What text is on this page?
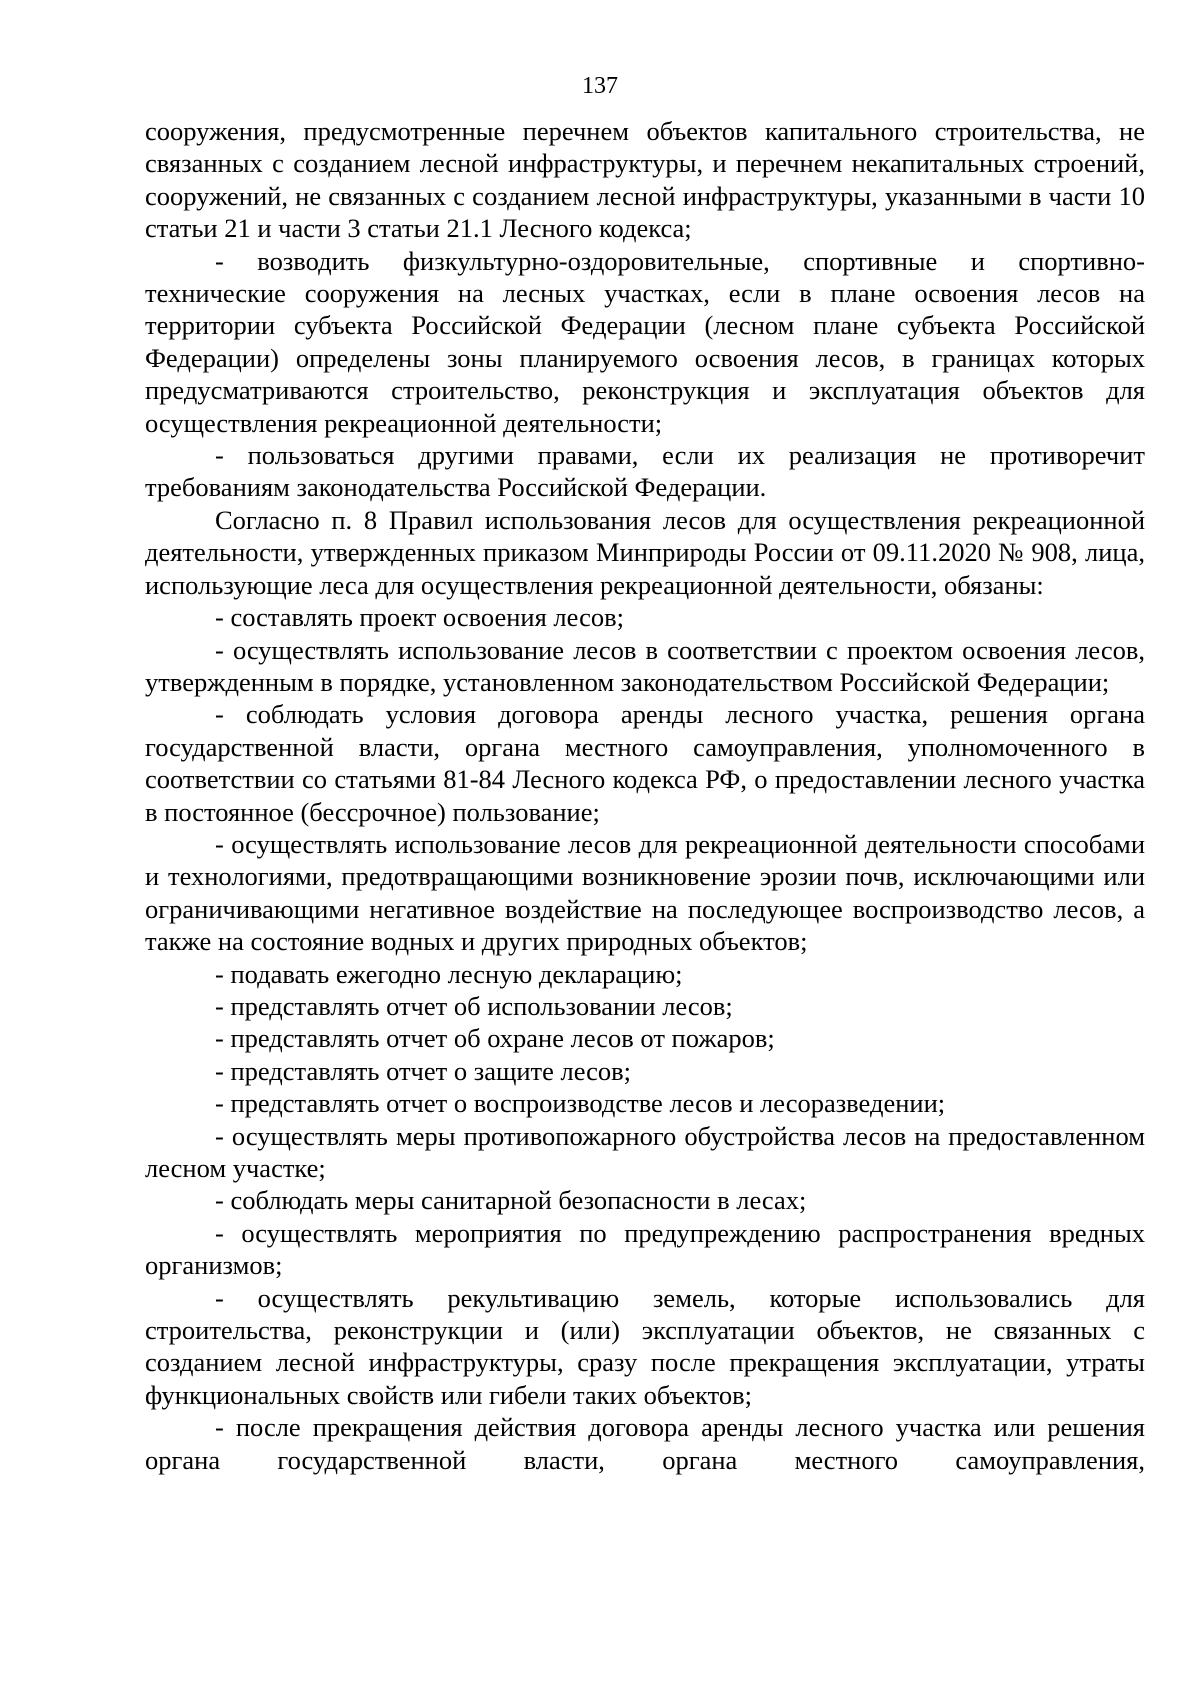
137

сооружения, предусмотренные перечнем объектов капитального строительства, не связанных с созданием лесной инфраструктуры, и перечнем некапитальных строений, сооружений, не связанных с созданием лесной инфраструктуры, указанными в части 10 статьи 21 и части 3 статьи 21.1 Лесного кодекса;

- возводить физкультурно-оздоровительные, спортивные и спортивно-технические сооружения на лесных участках, если в плане освоения лесов на территории субъекта Российской Федерации (лесном плане субъекта Российской Федерации) определены зоны планируемого освоения лесов, в границах которых предусматриваются строительство, реконструкция и эксплуатация объектов для осуществления рекреационной деятельности;

- пользоваться другими правами, если их реализация не противоречит требованиям законодательства Российской Федерации.

Согласно п. 8 Правил использования лесов для осуществления рекреационной деятельности, утвержденных приказом Минприроды России от 09.11.2020 № 908, лица, использующие леса для осуществления рекреационной деятельности, обязаны:

- составлять проект освоения лесов;

- осуществлять использование лесов в соответствии с проектом освоения лесов, утвержденным в порядке, установленном законодательством Российской Федерации;

- соблюдать условия договора аренды лесного участка, решения органа государственной власти, органа местного самоуправления, уполномоченного в соответствии со статьями 81-84 Лесного кодекса РФ, о предоставлении лесного участка в постоянное (бессрочное) пользование;

- осуществлять использование лесов для рекреационной деятельности способами и технологиями, предотвращающими возникновение эрозии почв, исключающими или ограничивающими негативное воздействие на последующее воспроизводство лесов, а также на состояние водных и других природных объектов;

- подавать ежегодно лесную декларацию;

- представлять отчет об использовании лесов;

- представлять отчет об охране лесов от пожаров;

- представлять отчет о защите лесов;

- представлять отчет о воспроизводстве лесов и лесоразведении;

- осуществлять меры противопожарного обустройства лесов на предоставленном лесном участке;

- соблюдать меры санитарной безопасности в лесах;

- осуществлять мероприятия по предупреждению распространения вредных организмов;

- осуществлять рекультивацию земель, которые использовались для строительства, реконструкции и (или) эксплуатации объектов, не связанных с созданием лесной инфраструктуры, сразу после прекращения эксплуатации, утраты функциональных свойств или гибели таких объектов;

- после прекращения действия договора аренды лесного участка или решения органа государственной власти, органа местного самоуправления,
